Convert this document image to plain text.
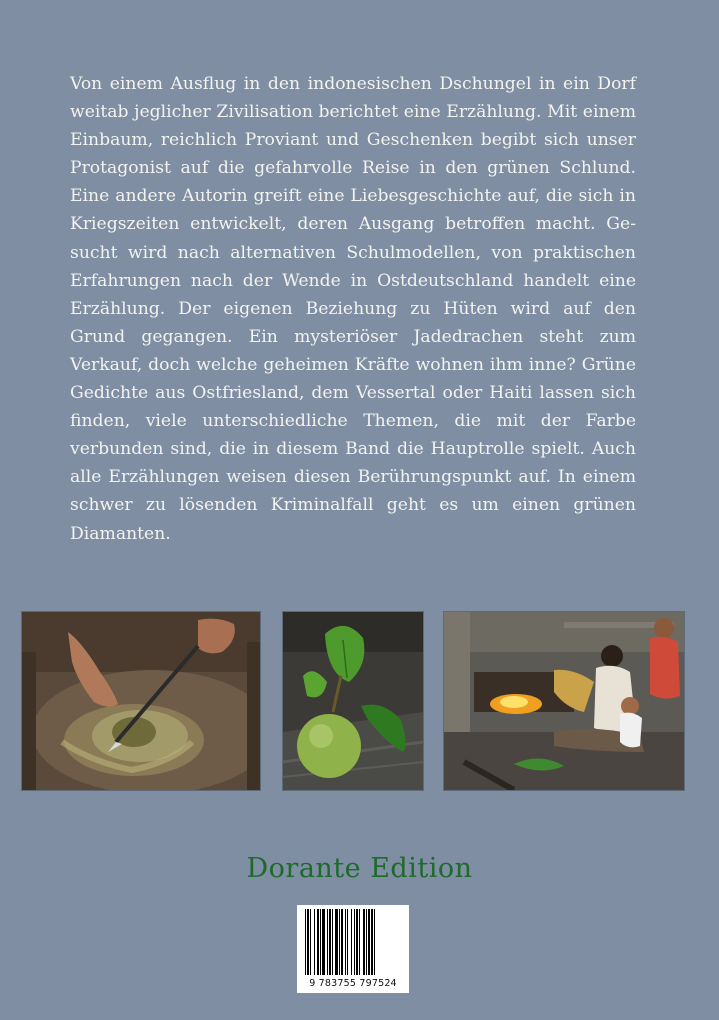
Von einem Ausflug in den indonesischen Dschungel in ein Dorf weitab jeglicher Zivilisation berichtet eine Erzählung. Mit einem Einbaum, reichlich Proviant und Geschenken begibt sich unser Protagonist auf die gefahrvolle Reise in den grünen Schlund. Eine andere Autorin greift eine Liebesgeschichte auf, die sich in Kriegszeiten entwickelt, deren Ausgang betroffen macht. Gesucht wird nach alternativen Schulmodellen, von praktischen Erfahrungen nach der Wende in Ostdeutschland handelt eine Erzählung. Der eigenen Beziehung zu Hüten wird auf den Grund gegangen. Ein mysteriöser Jadedrachen steht zum Verkauf, doch welche geheimen Kräfte wohnen ihm inne? Grüne Gedichte aus Ostfriesland, dem Vessertal oder Haiti lassen sich finden, viele unterschiedliche Themen, die mit der Farbe verbunden sind, die in diesem Band die Hauptrolle spielt. Auch alle Erzählungen weisen diesen Berührungspunkt auf. In einem schwer zu lösenden Kriminalfall geht es um einen grünen Diamanten.

Dorante Edition
9 783755 797524
